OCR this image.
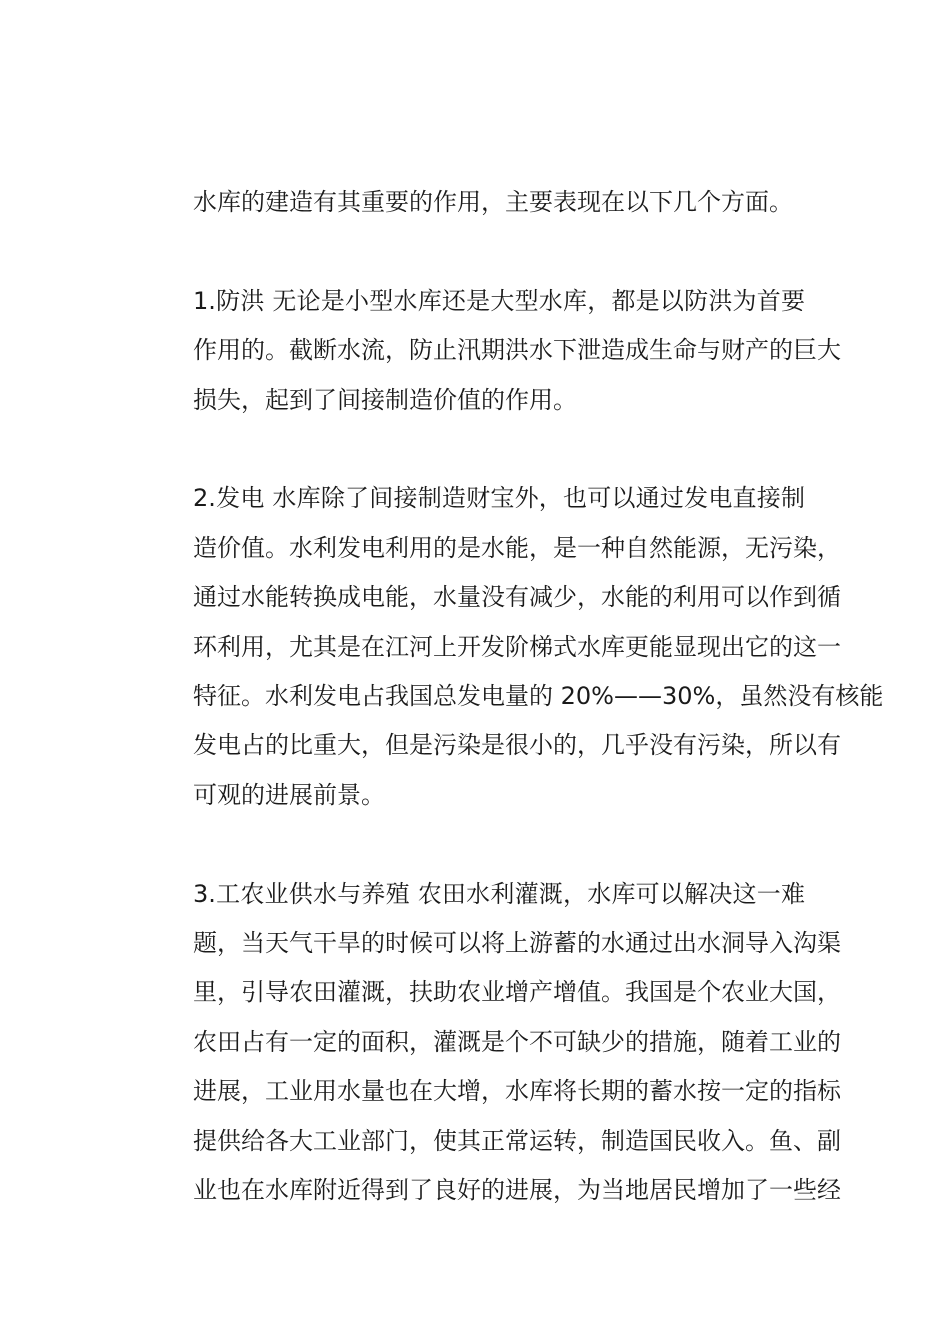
水库的建造有其重要的作用，主要表现在以下几个方面。

1.防洪 无论是小型水库还是大型水库，都是以防洪为首要
作用的。截断水流，防止汛期洪水下泄造成生命与财产的巨大
损失，起到了间接制造价值的作用。

2.发电 水库除了间接制造财宝外，也可以通过发电直接制
造价值。水利发电利用的是水能，是一种自然能源，无污染，
通过水能转换成电能，水量没有减少，水能的利用可以作到循
环利用，尤其是在江河上开发阶梯式水库更能显现出它的这一
特征。水利发电占我国总发电量的 20%——30%，虽然没有核能
发电占的比重大，但是污染是很小的，几乎没有污染，所以有
可观的进展前景。

3.工农业供水与养殖 农田水利灌溉，水库可以解决这一难
题，当天气干旱的时候可以将上游蓄的水通过出水洞导入沟渠
里，引导农田灌溉，扶助农业增产增值。我国是个农业大国，
农田占有一定的面积，灌溉是个不可缺少的措施，随着工业的
进展，工业用水量也在大增，水库将长期的蓄水按一定的指标
提供给各大工业部门，使其正常运转，制造国民收入。鱼、副
业也在水库附近得到了良好的进展，为当地居民增加了一些经
